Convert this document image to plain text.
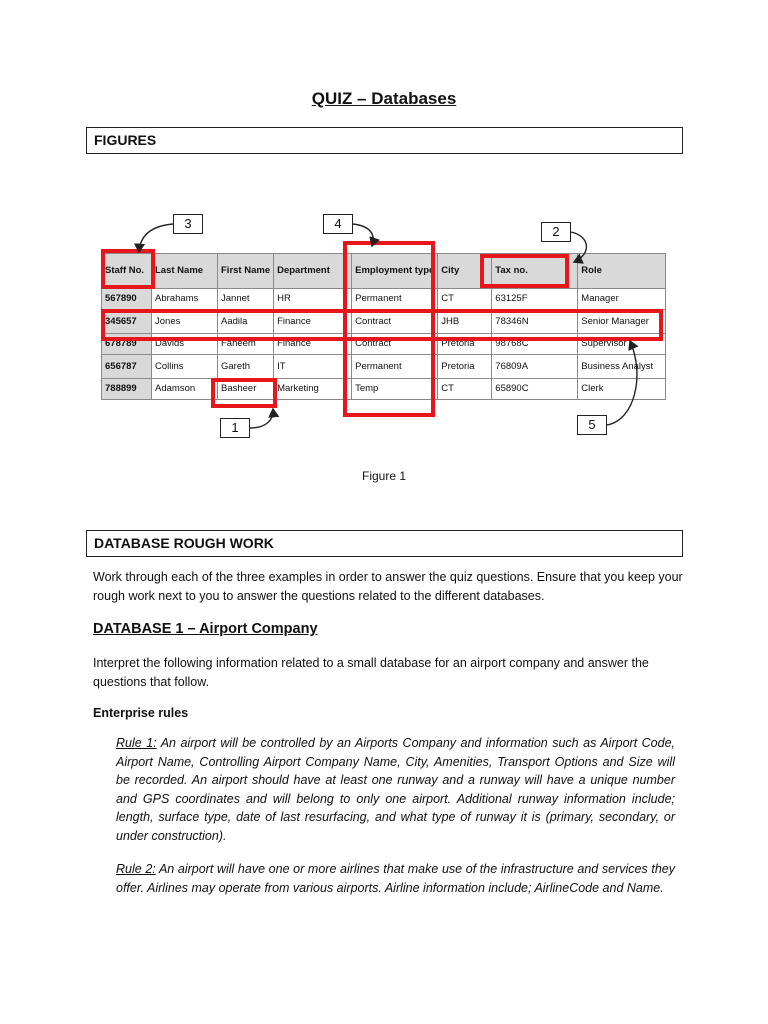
QUIZ – Databases
FIGURES
Staff No.	Last Name	First Name	Department	Employment type	City	Tax no.	Role
567890	Abrahams	Jannet	HR	Permanent	CT	63125F	Manager
345657	Jones	Aadila	Finance	Contract	JHB	78346N	Senior Manager
678789	Davids	Faheem	Finance	Contract	Pretoria	98768C	Supervisor
656787	Collins	Gareth	IT	Permanent	Pretoria	76809A	Business Analyst
788899	Adamson	Basheer	Marketing	Temp	CT	65890C	Clerk
1
2
3	4
5
Figure 1
DATABASE ROUGH WORK
Work through each of the three examples in order to answer the quiz questions. Ensure that you keep your rough work next to you to answer the questions related to the different databases.
DATABASE 1 – Airport Company
Interpret the following information related to a small database for an airport company and answer the questions that follow.
Enterprise rules
Rule 1: An airport will be controlled by an Airports Company and information such as Airport Code, Airport Name, Controlling Airport Company Name, City, Amenities, Transport Options and Size will be recorded. An airport should have at least one runway and a runway will have a unique number and GPS coordinates and will belong to only one airport. Additional runway information include; length, surface type, date of last resurfacing, and what type of runway it is (primary, secondary, or under construction).
Rule 2: An airport will have one or more airlines that make use of the infrastructure and services they offer. Airlines may operate from various airports. Airline information include; AirlineCode and Name.
